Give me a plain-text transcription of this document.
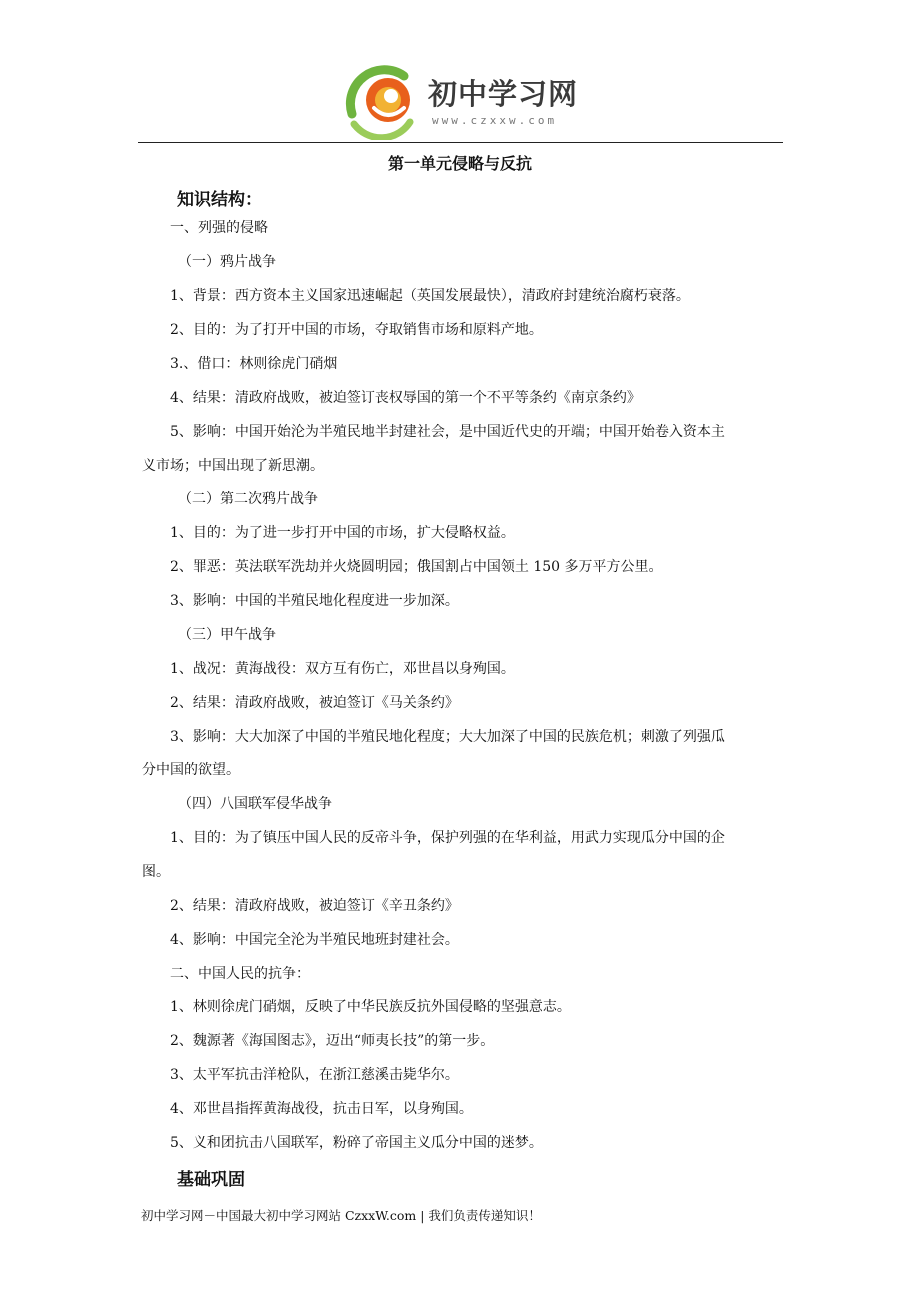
初中学习网
www.czxxw.com
第一单元侵略与反抗
知识结构：
一、列强的侵略
（一）鸦片战争
1、背景：西方资本主义国家迅速崛起（英国发展最快），清政府封建统治腐朽衰落。
2、目的：为了打开中国的市场，夺取销售市场和原料产地。
3.、借口：林则徐虎门硝烟
4、结果：清政府战败，被迫签订丧权辱国的第一个不平等条约《南京条约》
5、影响：中国开始沦为半殖民地半封建社会，是中国近代史的开端；中国开始卷入资本主
义市场；中国出现了新思潮。
（二）第二次鸦片战争
1、目的：为了进一步打开中国的市场，扩大侵略权益。
2、罪恶：英法联军洗劫并火烧圆明园；俄国割占中国领土 150 多万平方公里。
3、影响：中国的半殖民地化程度进一步加深。
（三）甲午战争
1、战况：黄海战役：双方互有伤亡，邓世昌以身殉国。
2、结果：清政府战败，被迫签订《马关条约》
3、影响：大大加深了中国的半殖民地化程度；大大加深了中国的民族危机；刺激了列强瓜
分中国的欲望。
（四）八国联军侵华战争
1、目的：为了镇压中国人民的反帝斗争，保护列强的在华利益，用武力实现瓜分中国的企
图。
2、结果：清政府战败，被迫签订《辛丑条约》
4、影响：中国完全沦为半殖民地班封建社会。
二、中国人民的抗争：
1、林则徐虎门硝烟，反映了中华民族反抗外国侵略的坚强意志。
2、魏源著《海国图志》，迈出“师夷长技”的第一步。
3、太平军抗击洋枪队，在浙江慈溪击毙华尔。
4、邓世昌指挥黄海战役，抗击日军，以身殉国。
5、义和团抗击八国联军，粉碎了帝国主义瓜分中国的迷梦。
基础巩固
初中学习网－中国最大初中学习网站 CzxxW.com | 我们负责传递知识！
